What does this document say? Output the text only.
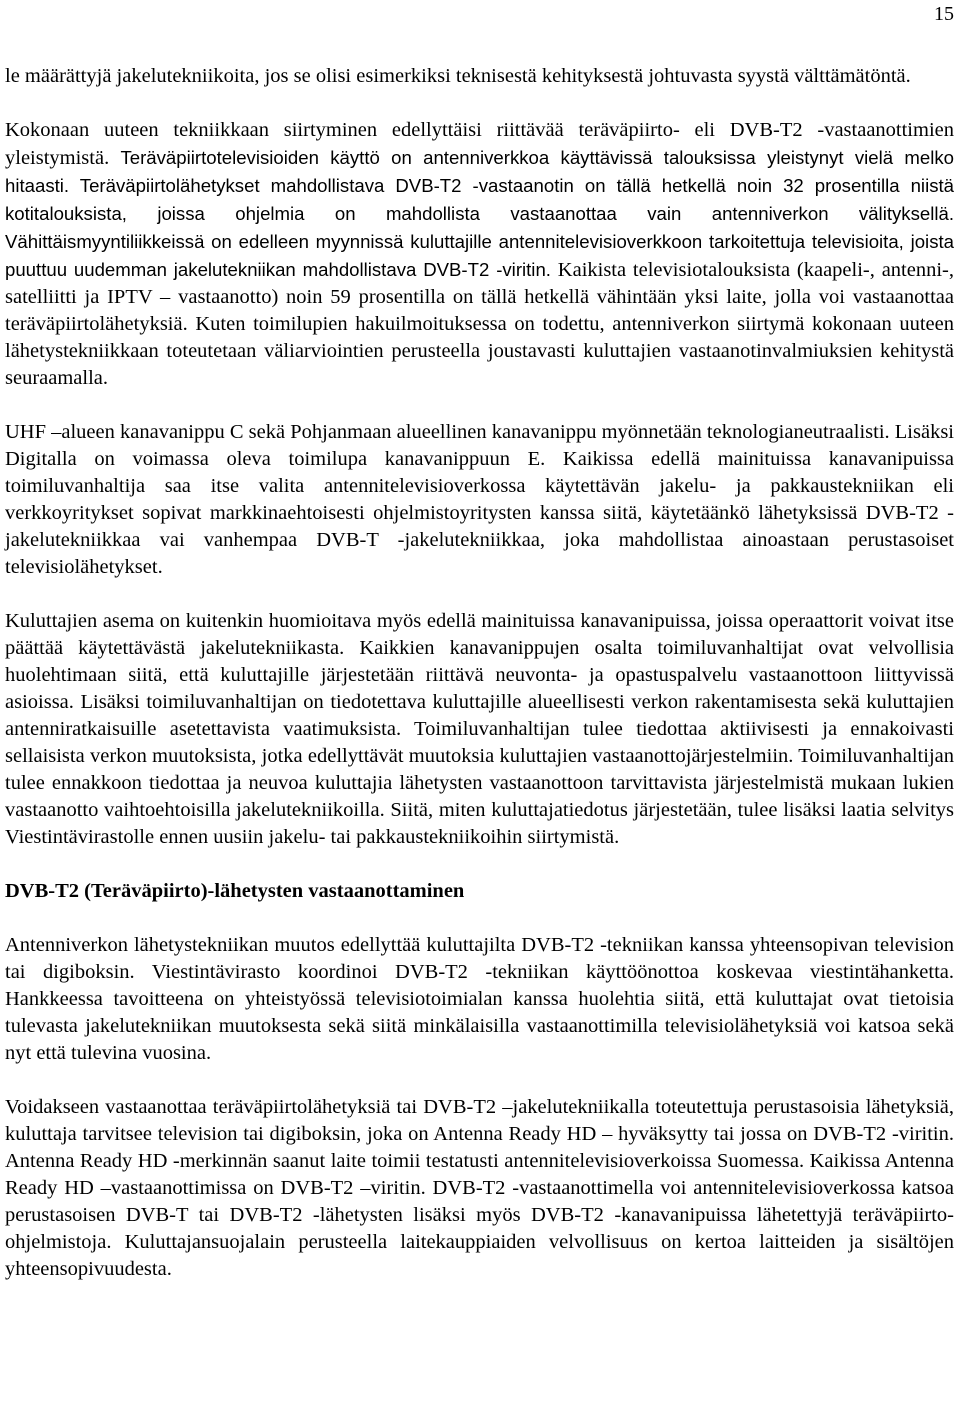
15

le määrättyjä jakelutekniikoita, jos se olisi esimerkiksi teknisestä kehityksestä johtuvasta syystä välttämätöntä.

Kokonaan uuteen tekniikkaan siirtyminen edellyttäisi riittävää teräväpiirto- eli DVB-T2 -vastaanottimien yleistymistä. Teräväpiirtotelevisioiden käyttö on antenniverkkoa käyttävissä talouksissa yleistynyt vielä melko hitaasti. Teräväpiirtolähetykset mahdollistava DVB-T2 -vastaanotin on tällä hetkellä noin 32 prosentilla niistä kotitalouksista, joissa ohjelmia on mahdollista vastaanottaa vain antenniverkon välityksellä. Vähittäismyyntiliikkeissä on edelleen myynnissä kuluttajille antennitelevisioverkkoon tarkoitettuja televisioita, joista puuttuu uudemman jakelutekniikan mahdollistava DVB-T2 -viritin. Kaikista televisiotalouksista (kaapeli-, antenni-, satelliitti ja IPTV – vastaanotto) noin 59 prosentilla on tällä hetkellä vähintään yksi laite, jolla voi vastaanottaa teräväpiirtolähetyksiä. Kuten toimilupien hakuilmoituksessa on todettu, antenniverkon siirtymä kokonaan uuteen lähetystekniikkaan toteutetaan väliarviointien perusteella joustavasti kuluttajien vastaanotinvalmiuksien kehitystä seuraamalla.

UHF –alueen kanavanippu C sekä Pohjanmaan alueellinen kanavanippu myönnetään teknologianeutraalisti. Lisäksi Digitalla on voimassa oleva toimilupa kanavanippuun E. Kaikissa edellä mainituissa kanavanipuissa toimiluvanhaltija saa itse valita antennitelevisioverkossa käytettävän jakelu- ja pakkaustekniikan eli verkkoyritykset sopivat markkinaehtoisesti ohjelmistoyritysten kanssa siitä, käytetäänkö lähetyksissä DVB-T2 -jakelutekniikkaa vai vanhempaa DVB-T -jakelutekniikkaa, joka mahdollistaa ainoastaan perustasoiset televisiolähetykset.

Kuluttajien asema on kuitenkin huomioitava myös edellä mainituissa kanavanipuissa, joissa operaattorit voivat itse päättää käytettävästä jakelutekniikasta. Kaikkien kanavanippujen osalta toimiluvanhaltijat ovat velvollisia huolehtimaan siitä, että kuluttajille järjestetään riittävä neuvonta- ja opastuspalvelu vastaanottoon liittyvissä asioissa. Lisäksi toimiluvanhaltijan on tiedotettava kuluttajille alueellisesti verkon rakentamisesta sekä kuluttajien antenniratkaisuille asetettavista vaatimuksista. Toimiluvanhaltijan tulee tiedottaa aktiivisesti ja ennakoivasti sellaisista verkon muutoksista, jotka edellyttävät muutoksia kuluttajien vastaanottojärjestelmiin. Toimiluvanhaltijan tulee ennakkoon tiedottaa ja neuvoa kuluttajia lähetysten vastaanottoon tarvittavista järjestelmistä mukaan lukien vastaanotto vaihtoehtoisilla jakelutekniikoilla. Siitä, miten kuluttajatiedotus järjestetään, tulee lisäksi laatia selvitys Viestintävirastolle ennen uusiin jakelu- tai pakkaustekniikoihin siirtymistä.

DVB-T2 (Teräväpiirto)-lähetysten vastaanottaminen

Antenniverkon lähetystekniikan muutos edellyttää kuluttajilta DVB-T2 -tekniikan kanssa yhteensopivan television tai digiboksin. Viestintävirasto koordinoi DVB-T2 -tekniikan käyttöönottoa koskevaa viestintähanketta. Hankkeessa tavoitteena on yhteistyössä televisiotoimialan kanssa huolehtia siitä, että kuluttajat ovat tietoisia tulevasta jakelutekniikan muutoksesta sekä siitä minkälaisilla vastaanottimilla televisiolähetyksiä voi katsoa sekä nyt että tulevina vuosina.

Voidakseen vastaanottaa teräväpiirtolähetyksiä tai DVB-T2 –jakelutekniikalla toteutettuja perustasoisia lähetyksiä, kuluttaja tarvitsee television tai digiboksin, joka on Antenna Ready HD – hyväksytty tai jossa on DVB-T2 -viritin. Antenna Ready HD -merkinnän saanut laite toimii testatusti antennitelevisioverkoissa Suomessa. Kaikissa Antenna Ready HD –vastaanottimissa on DVB-T2 –viritin. DVB-T2 -vastaanottimella voi antennitelevisioverkossa katsoa perustasoisen DVB-T tai DVB-T2 -lähetysten lisäksi myös DVB-T2 -kanavanipuissa lähetettyjä teräväpiirto-ohjelmistoja. Kuluttajansuojalain perusteella laitekauppiaiden velvollisuus on kertoa laitteiden ja sisältöjen yhteensopivuudesta.
